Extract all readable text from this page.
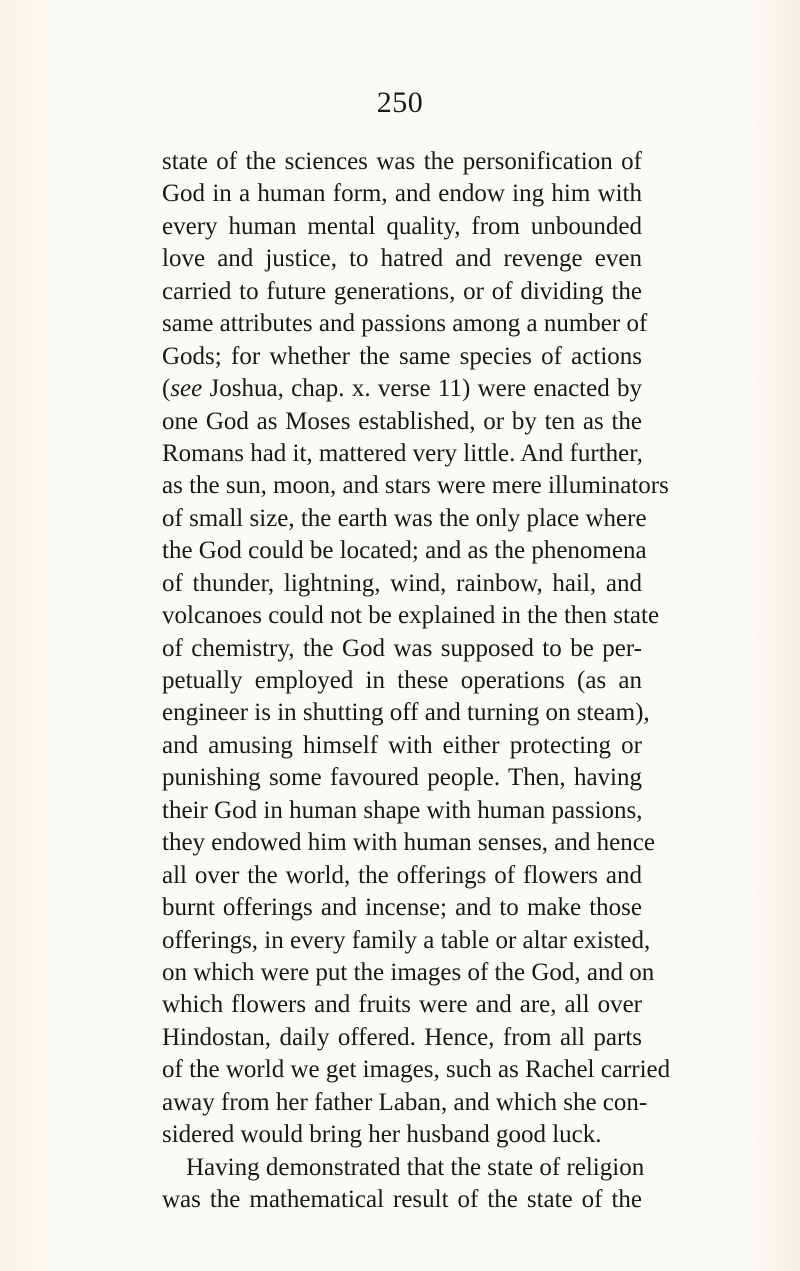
250
state of the sciences was the personification of
God in a human form, and endow ing him with
every human mental quality, from unbounded
love and justice, to hatred and revenge even
carried to future generations, or of dividing the
same attributes and passions among a number of
Gods; for whether the same species of actions
(see Joshua, chap. x. verse 11) were enacted by
one God as Moses established, or by ten as the
Romans had it, mattered very little. And further,
as the sun, moon, and stars were mere illuminators
of small size, the earth was the only place where
the God could be located; and as the phenomena
of thunder, lightning, wind, rainbow, hail, and
volcanoes could not be explained in the then state
of chemistry, the God was supposed to be per-
petually employed in these operations (as an
engineer is in shutting off and turning on steam),
and amusing himself with either protecting or
punishing some favoured people. Then, having
their God in human shape with human passions,
they endowed him with human senses, and hence
all over the world, the offerings of flowers and
burnt offerings and incense; and to make those
offerings, in every family a table or altar existed,
on which were put the images of the God, and on
which flowers and fruits were and are, all over
Hindostan, daily offered. Hence, from all parts
of the world we get images, such as Rachel carried
away from her father Laban, and which she con-
sidered would bring her husband good luck.
Having demonstrated that the state of religion
was the mathematical result of the state of the
